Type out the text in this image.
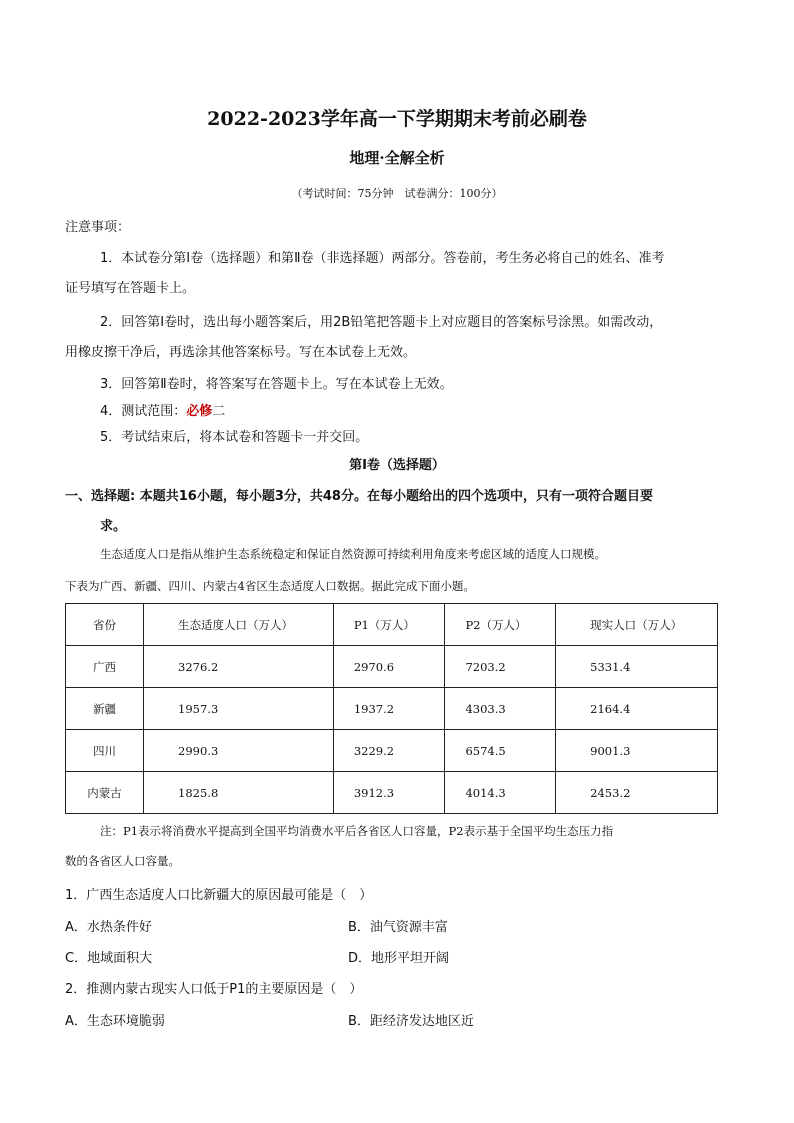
2022-2023学年高一下学期期末考前必刷卷
地理·全解全析
（考试时间：75分钟　试卷满分：100分）
注意事项：
1．本试卷分第Ⅰ卷（选择题）和第Ⅱ卷（非选择题）两部分。答卷前，考生务必将自己的姓名、准考
证号填写在答题卡上。
2．回答第Ⅰ卷时，选出每小题答案后，用2B铅笔把答题卡上对应题目的答案标号涂黑。如需改动，
用橡皮擦干净后，再选涂其他答案标号。写在本试卷上无效。
3．回答第Ⅱ卷时，将答案写在答题卡上。写在本试卷上无效。
4．测试范围：必修二
5．考试结束后，将本试卷和答题卡一并交回。
第Ⅰ卷（选择题）
一、选择题: 本题共16小题，每小题3分，共48分。在每小题给出的四个选项中，只有一项符合题目要
求。
生态适度人口是指从维护生态系统稳定和保证自然资源可持续利用角度来考虑区域的适度人口规模。
下表为广西、新疆、四川、内蒙古4省区生态适度人口数据。据此完成下面小题。
省份	生态适度人口（万人）	P1（万人）	P2（万人）	现实人口（万人）
广西	3276.2	2970.6	7203.2	5331.4
新疆	1957.3	1937.2	4303.3	2164.4
四川	2990.3	3229.2	6574.5	9001.3
内蒙古	1825.8	3912.3	4014.3	2453.2
注：P1表示将消费水平提高到全国平均消费水平后各省区人口容量，P2表示基于全国平均生态压力指
数的各省区人口容量。
1．广西生态适度人口比新疆大的原因最可能是（　）
A．水热条件好	B．油气资源丰富
C．地域面积大	D．地形平坦开阔
2．推测内蒙古现实人口低于P1的主要原因是（　）
A．生态环境脆弱	B．距经济发达地区近
